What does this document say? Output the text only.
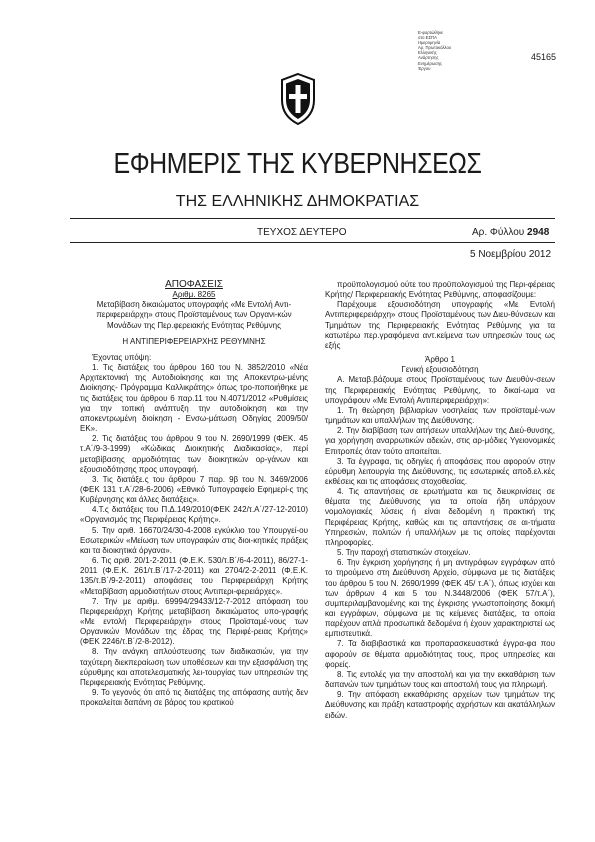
Ε-φορτώθηκε
στο ΕΣΠΑ
Ημερομηνία
Αρ. Πρωτοκόλλου
Ελληνικής
Ανάρτησης
Ενημέρωσης
Έργου
45165
ΕΦΗΜΕΡΙΣ ΤΗΣ ΚΥΒΕΡΝΗΣΕΩΣ
ΤΗΣ ΕΛΛΗΝΙΚΗΣ ΔΗΜΟΚΡΑΤΙΑΣ
ΤΕΥΧΟΣ ΔΕΥΤΕΡΟ	Αρ. Φύλλου 2948
5 Νοεμβρίου 2012

ΑΠΟΦΑΣΕΙΣ

Αριθμ. 8265

Μεταβίβαση δικαιώματος υπογραφής «Με Εντολή Αντι-περιφερειάρχη» στους Προϊσταμένους των Οργανι-κών Μονάδων της Περ.φερειακής Ενότητας Ρεθύμνης

Η ΑΝΤΙΠΕΡΙΦΕΡΕΙΑΡΧΗΣ ΡΕΘΥΜΝΗΣ

Έχοντας υπόψη:

1. Τις διατάξεις του άρθρου 160 του Ν. 3852/2010 «Νέα Αρχιτεκτονική της Αυτοδιοίκησης και της Αποκεντρω-μένης Διοίκησης- Πρόγραμμα Καλλικράτης» όπως τρο-ποποιήθηκε με τις διατάξεις του άρθρου 6 παρ.11 του Ν.4071/2012 «Ρυθμίσεις για την τοπική ανάπτυξη την αυτοδιοίκηση και την αποκεντρωμένη διοίκηση - Ενσω-μάτωση Οδηγίας 2009/50/ΕΚ».

2. Τις διατάξεις του άρθρου 9 του Ν. 2690/1999 (ΦΕΚ. 45 τ.Α΄/9-3-1999) «Κώδικας Διοικητικής Διαδικασίας», περί μεταβίβασης αρμοδιότητας των διοικητικών ορ-γάνων και εξουσιοδότησης προς υπογραφή.

3. Τις διατάξε.ς του άρθρου 7 παρ. 9β του Ν. 3469/2006 (ΦΕΚ 131 τ.Α΄/28-6-2006) «Εθνικό Τυπογραφείο Εφημερί-ς της Κυβέρνησης και άλλες διατάξεις».

4.Τ.ς διατάξεις του Π.Δ.149/2010(ΦΕΚ 242/τ.Α΄/27-12-2010) «Οργανισμός της Περιφέρειας Κρήτης».

5. Την αριθ. 16670/24/30-4-2008 εγκύκλιο του Υπουργεί-ου Εσωτερικών «Μείωση των υπογραφών στις διοι-κητικές πράξεις και τα διοικητικά όργανα».

6. Τις αριθ. 20/1-2-2011 (Φ.Ε.Κ. 530/τ.Β΄/6-4-2011), 86/27-1-2011 (Φ.Ε.Κ. 261/τ.Β΄/17-2-2011) και 2704/2-2-2011 (Φ.Ε.Κ. 135/τ.Β΄/9-2-2011) αποφάσεις του Περιφερειάρχη Κρήτης «Μεταβίβαση αρμοδιοτήτων στους Αντιπερι-φερειάρχες».

7. Την με αριθμ. 69994/29433/12-7-2012 απόφαση του Περιφερειάρχη Κρήτης μεταβίβαση δικαιώματος υπο-γραφής «Με εντολή Περιφερειάρχη» στους Προϊσταμέ-νους των Οργανικών Μονάδων της έδρας της Περιφέ-ρειας Κρήτης» (ΦΕΚ 2246/τ.Β΄/2-8-2012).

8. Την ανάγκη απλούστευσης των διαδικασιών, για την ταχύτερη διεκπεραίωση των υποθέσεων και την εξασφάλιση της εύρυθμης και αποτελεσματικής λει-τουργίας των υπηρεσιών της Περιφερειακής Ενότητας Ρεθύμνης.

9. Το γεγονός ότι από τις διατάξεις της απόφασης αυτής δεν προκαλείται δαπάνη σε βάρος του κρατικού

προϋπολογισμού ούτε του προϋπολογισμού της Περι-φέρειας Κρήτης/ Περιφερειακής Ενότητας Ρεθύμνης, αποφασίζουμε:

Παρέχουμε εξουσιοδότηση υπογραφής «Με Εντολή Αντιπεριφερειάρχη» στους Προϊσταμένους των Διευ-θύνσεων και Τμημάτων της Περιφερειακής Ενότητας Ρεθύμνης για τα κατωτέρω περ.γραφόμενα αντ.κείμενα των υπηρεσιών τους ως εξής

Άρθρο 1

Γενική εξουσιοδότηση

Α. Μεταβ.βάζουμε στους Προϊσταμένους των Διευθύν-σεων της Περιφερειακής Ενότητας Ρεθύμνης, το δικαί-ωμα να υπογράφουν «Με Εντολή Αντιπεριφερειάρχη»:

1. Τη θεώρηση βιβλιαρίων νοσηλείας των προϊσταμέ-νων τμημάτων και υπαλλήλων της Διεύθυνσης.

2. Την διαβίβαση των αιτήσεων υπαλλήλων της Διεύ-θυνσης, για χορήγηση αναρρωτικών αδειών, στις αρ-μόδιες Υγειονομικές Επιτροπές όταν τούτο απαιτείται.

3. Τα έγγραφα, τις οδηγίες ή αποφάσεις που αφορούν στην εύρυθμη λειτουργία της Διεύθυνσης, τις εσωτερικές αποδ.ελ.κές εκθέσεις και τις αποφάσεις στοχοθεσίας.

4. Τις απαντήσεις σε ερωτήματα και τις διευκρινίσεις σε θέματα της Διεύθυνσης για τα οποία ήδη υπάρχουν νομολογιακές λύσεις ή είναι δεδομένη η πρακτική της Περιφέρειας Κρήτης, καθώς και τις απαντήσεις σε αι-τήματα Υπηρεσιών, πολιτών ή υπαλλήλων με τις οποίες παρέχονται πληροφορίες.

5. Την παροχή στατιστικών στοιχείων.

6. Την έγκριση χορήγησης ή μη αντιγράφων εγγράφων από το τηρούμενο στη Διεύθυνση Αρχείο, σύμφωνα με τις διατάξεις του άρθρου 5 του Ν. 2690/1999 (ΦΕΚ 45/ τ.Α΄), όπως ισχύει και των άρθρων 4 και 5 του Ν.3448/2006 (ΦΕΚ 57/τ.Α΄), συμπεριλαμβανομένης και της έγκρισης γνωστοποίησης δοκιμή και εγγράφων, σύμφωνα με τις κείμενες διατάξεις, τα οποία παρέχουν απλά προσωπικά δεδομένα ή έχουν χαρακτηριστεί ως εμπιστευτικά.

7. Τα διαβιβαστικά και προπαρασκευαστικά έγγρα-φα που αφορούν σε θέματα αρμοδιότητας τους, προς υπηρεσίες και φορείς.

8. Τις εντολές για την αποστολή και για την εκκαθάριση των δαπανών των τμημάτων τους και αποστολή τους για πληρωμή.

9. Την απόφαση εκκαθάρισης αρχείων των τμημάτων της Διεύθυνσης και πράξη καταστροφής αχρήστων και ακατάλληλων ειδών.
